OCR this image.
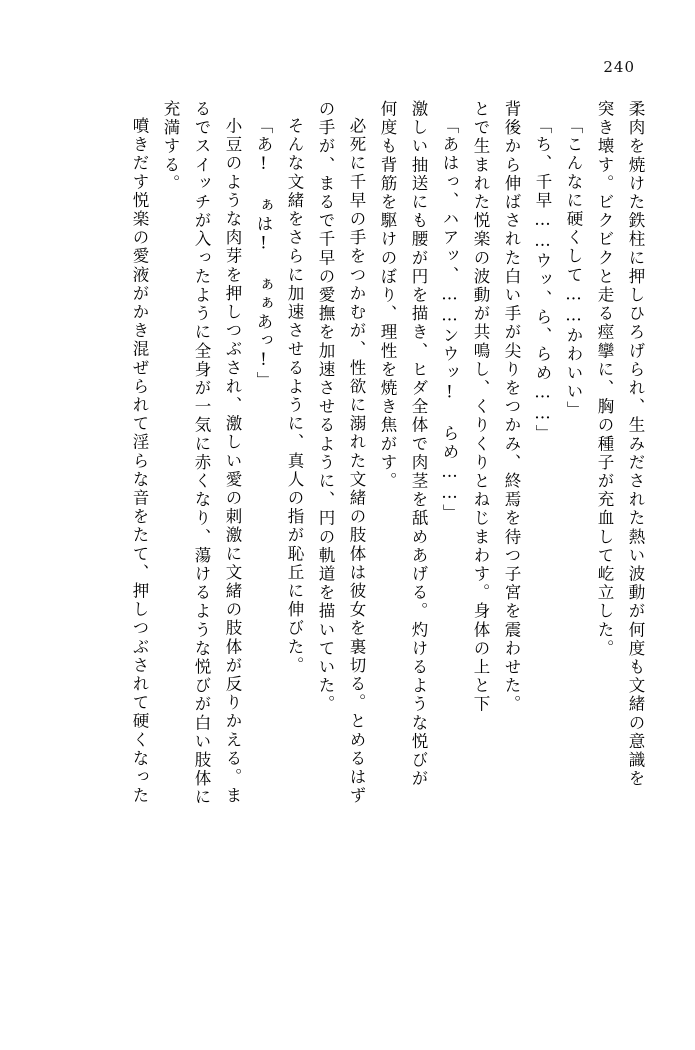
240
柔肉を焼けた鉄柱に押しひろげられ、生みだされた熱い波動が何度も文緒の意識を
突き壊す。ビクビクと走る痙攣に、胸の種子が充血して屹立した。
「こんなに硬くして……かわいい」
「ち、千早……ウッ、ら、らめ……」
背後から伸ばされた白い手が尖りをつかみ、終焉を待つ子宮を震わせた。
とで生まれた悦楽の波動が共鳴し、くりくりとねじまわす。身体の上と下
「あはっ、ハアッ、……ンウッ! らめ……」
激しい抽送にも腰が円を描き、ヒダ全体で肉茎を舐めあげる。灼けるような悦びが
何度も背筋を駆けのぼり、理性を焼き焦がす。
必死に千早の手をつかむが、性欲に溺れた文緒の肢体は彼女を裏切る。とめるはず
の手が、まるで千早の愛撫を加速させるように、円の軌道を描いていた。
そんな文緒をさらに加速させるように、真人の指が恥丘に伸びた。
「あ! ぁは! ぁぁあっ!」
小豆のような肉芽を押しつぶされ、激しい愛の刺激に文緒の肢体が反りかえる。ま
るでスイッチが入ったように全身が一気に赤くなり、蕩けるような悦びが白い肢体に
充満する。
噴きだす悦楽の愛液がかき混ぜられて淫らな音をたて、押しつぶされて硬くなった
